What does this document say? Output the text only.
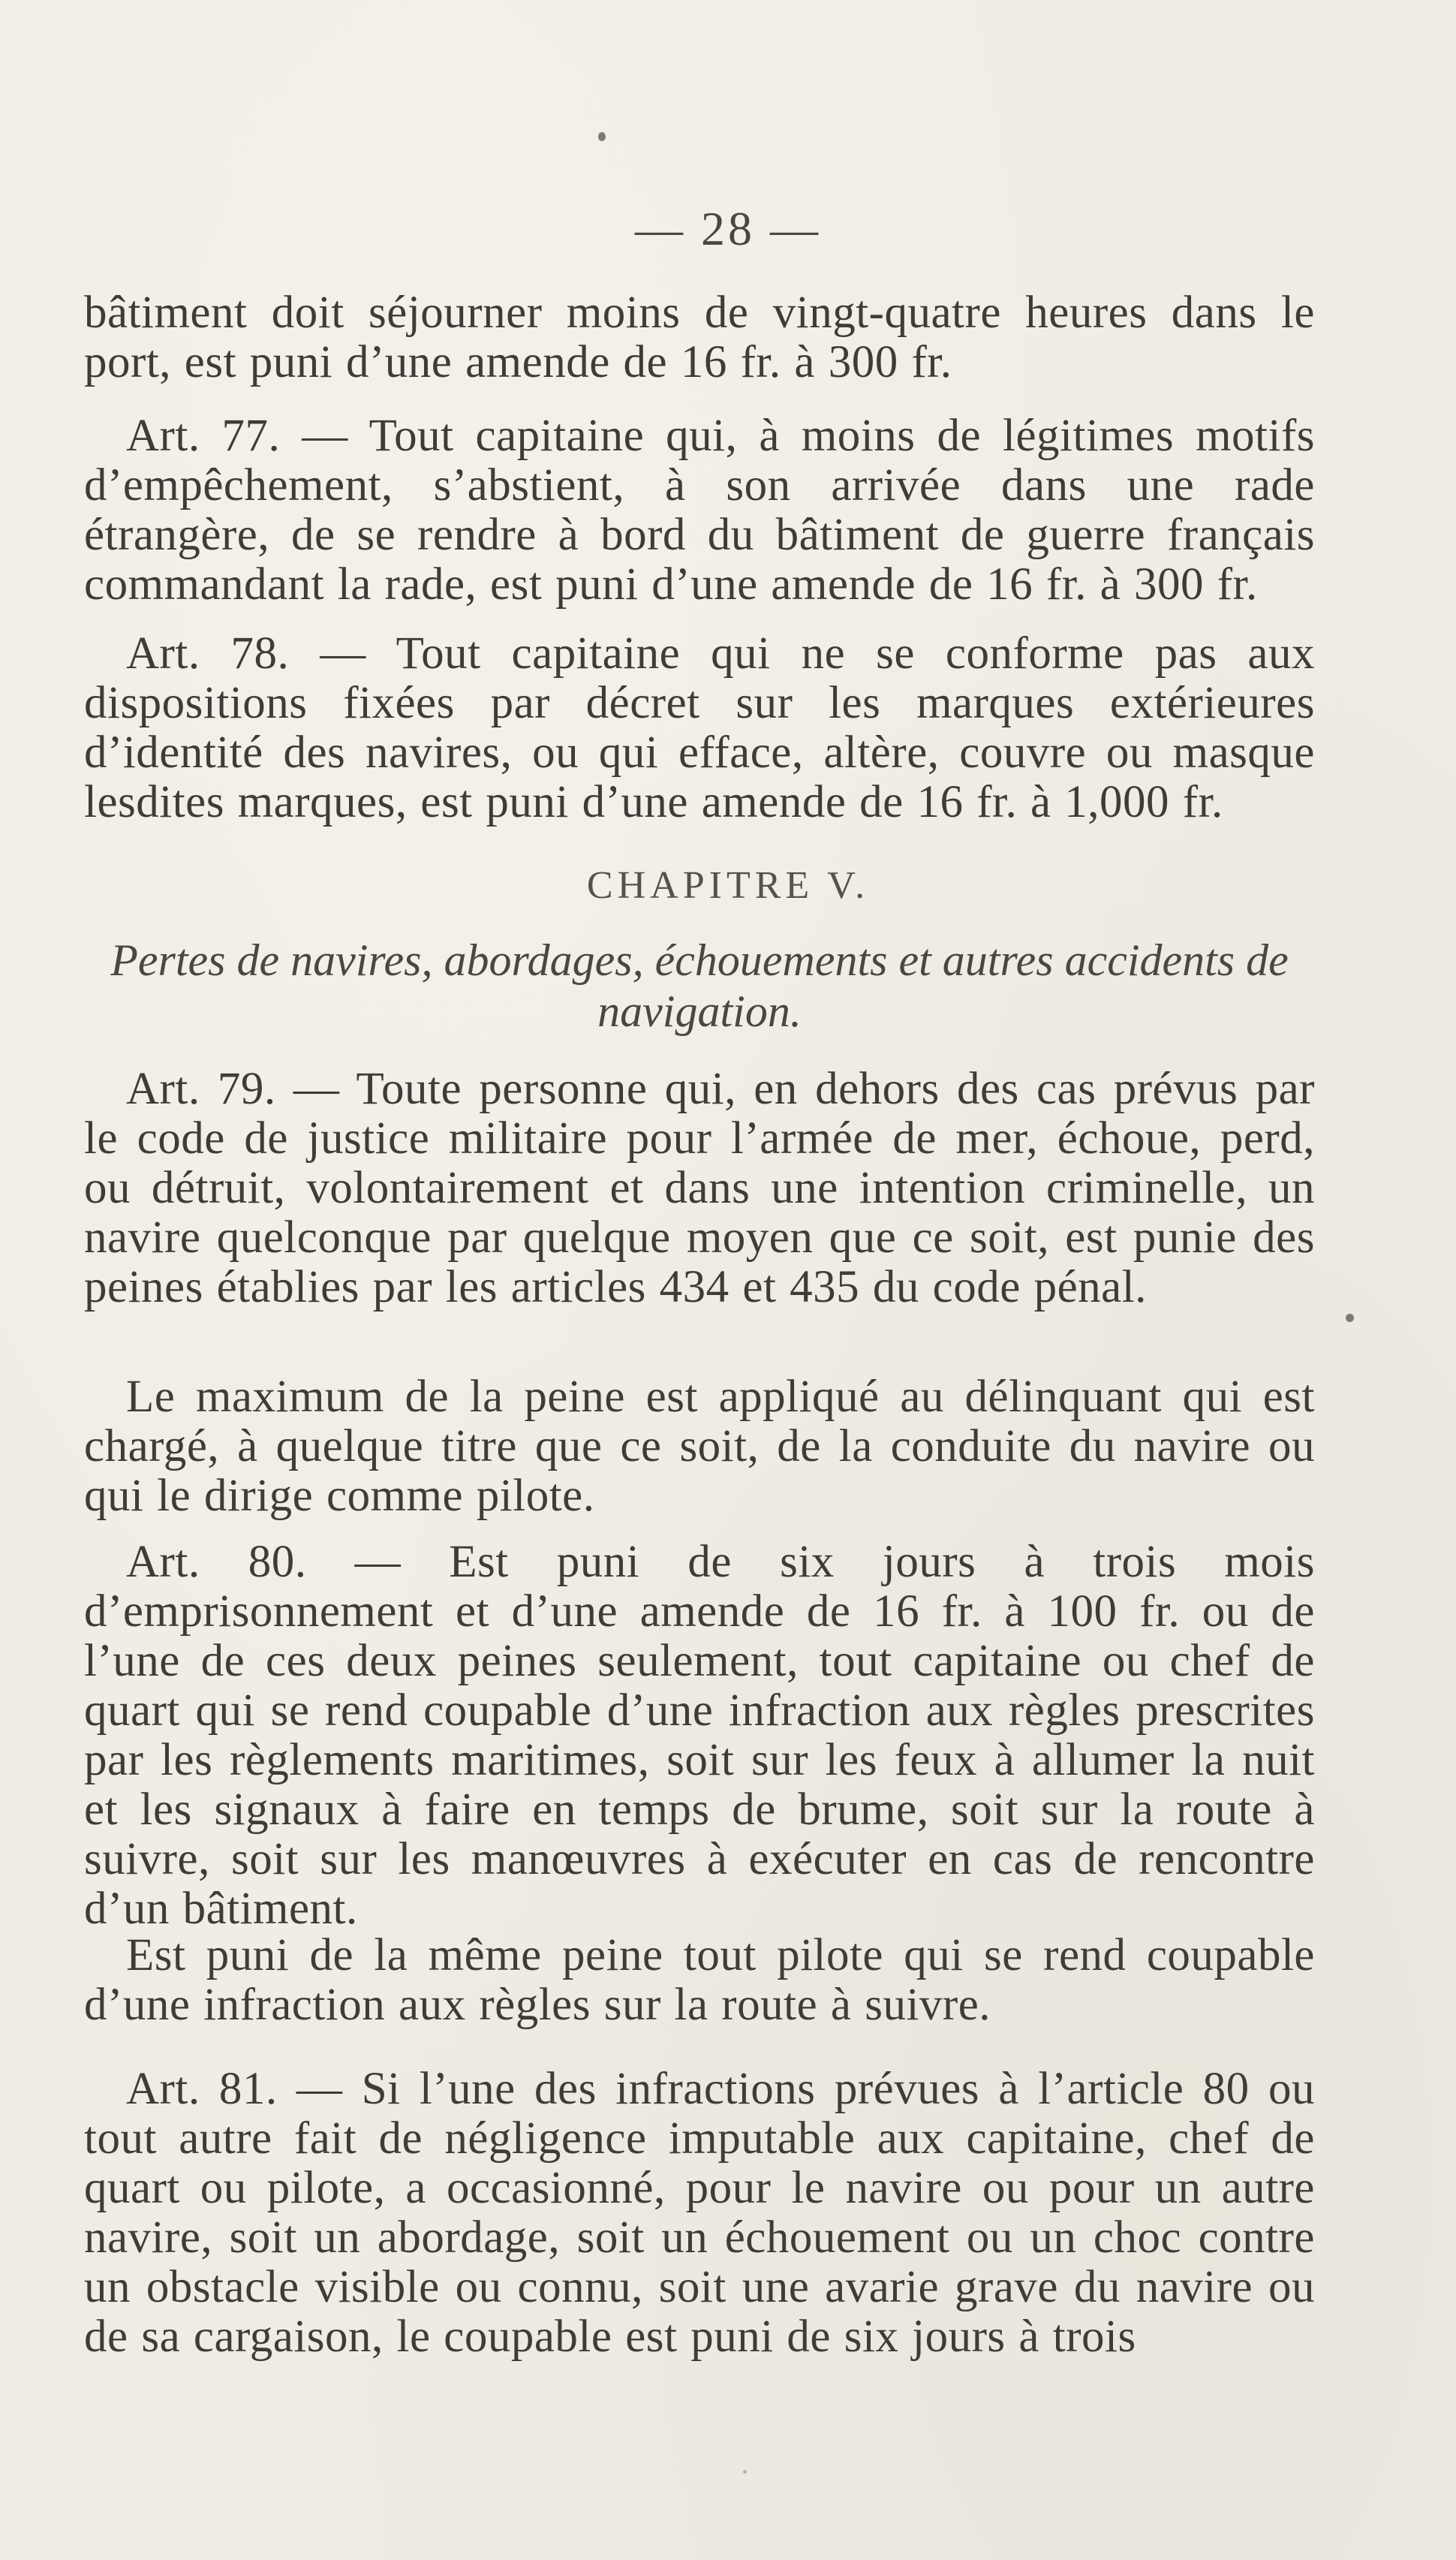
— 28 —

bâtiment doit séjourner moins de vingt-quatre heures dans le port, est puni d’une amende de 16 fr. à 300 fr.

Art. 77. — Tout capitaine qui, à moins de légitimes motifs d’empêchement, s’abstient, à son arrivée dans une rade étrangère, de se rendre à bord du bâtiment de guerre français commandant la rade, est puni d’une amende de 16 fr. à 300 fr.

Art. 78. — Tout capitaine qui ne se conforme pas aux dispositions fixées par décret sur les marques extérieures d’identité des navires, ou qui efface, altère, couvre ou masque lesdites marques, est puni d’une amende de 16 fr. à 1,000 fr.

CHAPITRE V.

Pertes de navires, abordages, échouements et autres accidents de navigation.

Art. 79. — Toute personne qui, en dehors des cas prévus par le code de justice militaire pour l’armée de mer, échoue, perd, ou détruit, volontairement et dans une intention criminelle, un navire quelconque par quelque moyen que ce soit, est punie des peines établies par les articles 434 et 435 du code pénal.

Le maximum de la peine est appliqué au délinquant qui est chargé, à quelque titre que ce soit, de la conduite du navire ou qui le dirige comme pilote.

Art. 80. — Est puni de six jours à trois mois d’emprisonnement et d’une amende de 16 fr. à 100 fr. ou de l’une de ces deux peines seulement, tout capitaine ou chef de quart qui se rend coupable d’une infraction aux règles prescrites par les règlements maritimes, soit sur les feux à allumer la nuit et les signaux à faire en temps de brume, soit sur la route à suivre, soit sur les manœuvres à exécuter en cas de rencontre d’un bâtiment.

Est puni de la même peine tout pilote qui se rend coupable d’une infraction aux règles sur la route à suivre.

Art. 81. — Si l’une des infractions prévues à l’article 80 ou tout autre fait de négligence imputable aux capitaine, chef de quart ou pilote, a occasionné, pour le navire ou pour un autre navire, soit un abordage, soit un échouement ou un choc contre un obstacle visible ou connu, soit une avarie grave du navire ou de sa cargaison, le coupable est puni de six jours à trois
